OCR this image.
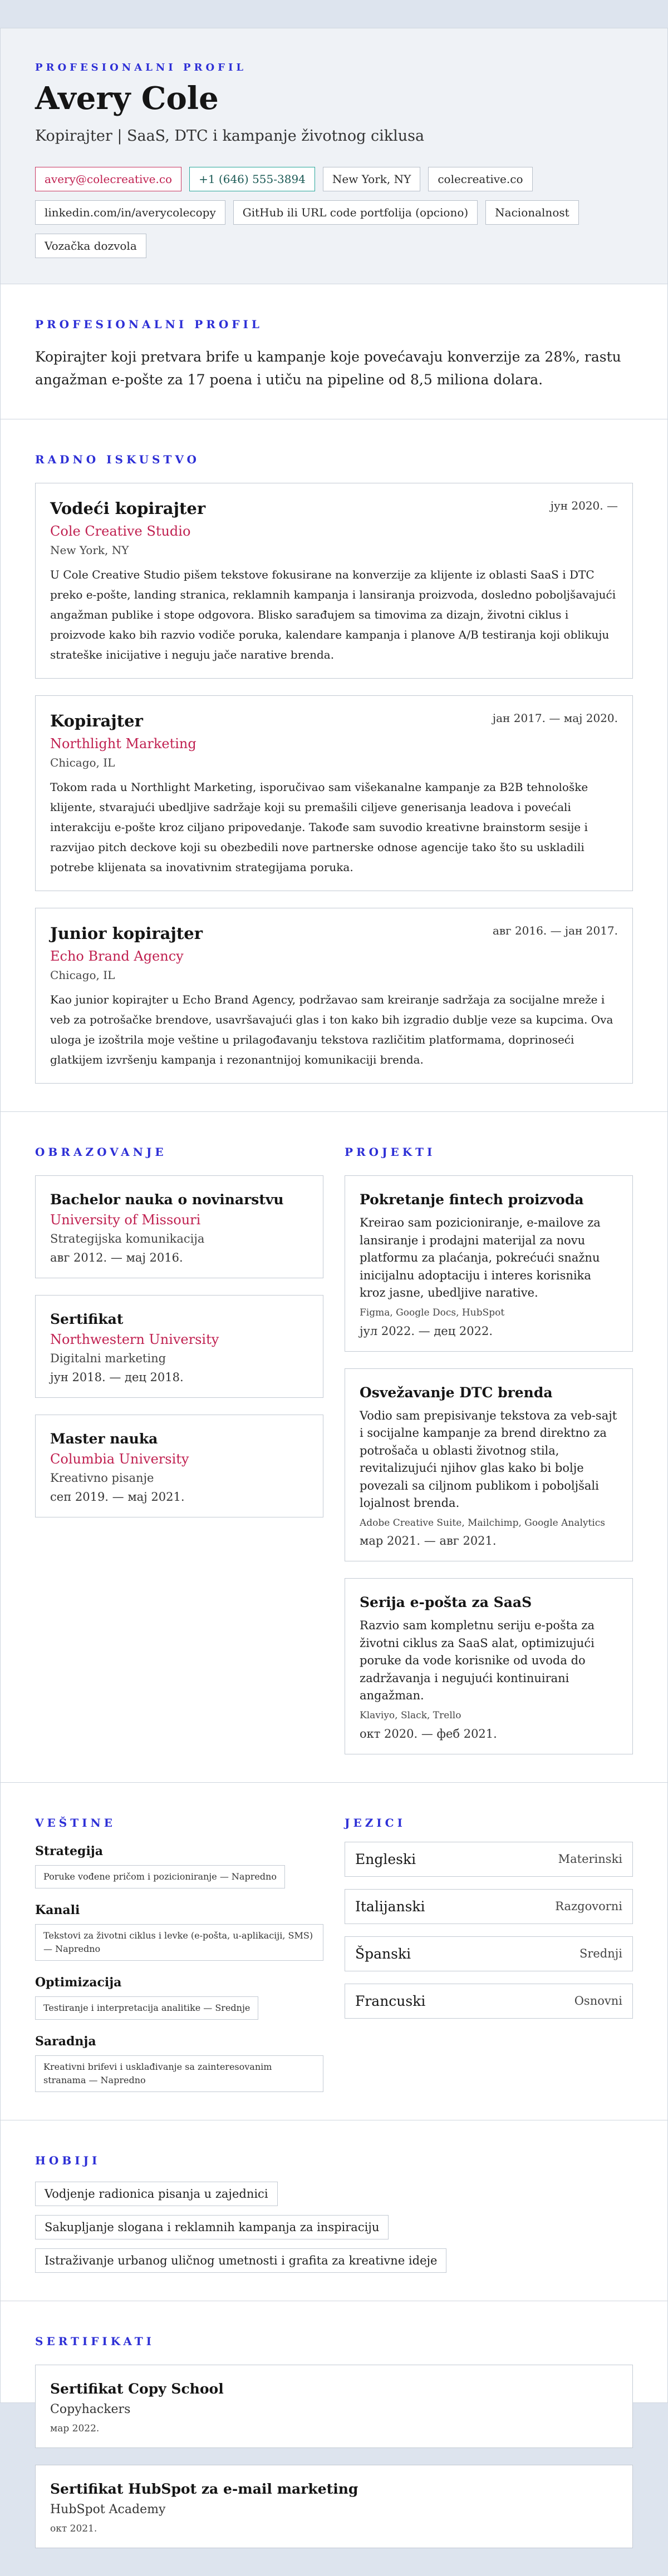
PROFESIONALNI PROFIL
Avery Cole
Kopirajter | SaaS, DTC i kampanje životnog ciklusa
avery@colecreative.co	+1 (646) 555-3894	New York, NY	colecreative.co
linkedin.com/in/averycolecopy	GitHub ili URL code portfolija (opciono)	Nacionalnost
Vozačka dozvola
PROFESIONALNI PROFIL
Kopirajter koji pretvara brife u kampanje koje povećavaju konverzije za 28%, rastu angažman e-pošte za 17 poena i utiču na pipeline od 8,5 miliona dolara.
RADNO ISKUSTVO
Vodeći kopirajter	јун 2020. —
Cole Creative Studio
New York, NY
U Cole Creative Studio pišem tekstove fokusirane na konverzije za klijente iz oblasti SaaS i DTC preko e-pošte, landing stranica, reklamnih kampanja i lansiranja proizvoda, dosledno poboljšavajući angažman publike i stope odgovora. Blisko sarađujem sa timovima za dizajn, životni ciklus i proizvode kako bih razvio vodiče poruka, kalendare kampanja i planove A/B testiranja koji oblikuju strateške inicijative i neguju jače narative brenda.
Kopirajter	јан 2017. — мај 2020.
Northlight Marketing
Chicago, IL
Tokom rada u Northlight Marketing, isporučivao sam višekanalne kampanje za B2B tehnološke klijente, stvarajući ubedljive sadržaje koji su premašili ciljeve generisanja leadova i povećali interakciju e-pošte kroz ciljano pripovedanje. Takođe sam suvodio kreativne brainstorm sesije i razvijao pitch deckove koji su obezbedili nove partnerske odnose agencije tako što su uskladili potrebe klijenata sa inovativnim strategijama poruka.
Junior kopirajter	авг 2016. — јан 2017.
Echo Brand Agency
Chicago, IL
Kao junior kopirajter u Echo Brand Agency, podržavao sam kreiranje sadržaja za socijalne mreže i veb za potrošačke brendove, usavršavajući glas i ton kako bih izgradio dublje veze sa kupcima. Ova uloga je izoštrila moje veštine u prilagođavanju tekstova različitim platformama, doprinoseći glatkijem izvršenju kampanja i rezonantnijoj komunikaciji brenda.
OBRAZOVANJE
Bachelor nauka o novinarstvu
University of Missouri
Strategijska komunikacija
авг 2012. — мај 2016.
Sertifikat
Northwestern University
Digitalni marketing
јун 2018. — дец 2018.
Master nauka
Columbia University
Kreativno pisanje
сеп 2019. — мај 2021.
PROJEKTI
Pokretanje fintech proizvoda
Kreirao sam pozicioniranje, e-mailove za lansiranje i prodajni materijal za novu platformu za plaćanja, pokrećući snažnu inicijalnu adoptaciju i interes korisnika kroz jasne, ubedljive narative.
Figma, Google Docs, HubSpot
јул 2022. — дец 2022.
Osvežavanje DTC brenda
Vodio sam prepisivanje tekstova za veb-sajt i socijalne kampanje za brend direktno za potrošača u oblasti životnog stila, revitalizujući njihov glas kako bi bolje povezali sa ciljnom publikom i poboljšali lojalnost brenda.
Adobe Creative Suite, Mailchimp, Google Analytics
мар 2021. — авг 2021.
Serija e-pošta za SaaS
Razvio sam kompletnu seriju e-pošta za životni ciklus za SaaS alat, optimizujući poruke da vode korisnike od uvoda do zadržavanja i negujući kontinuirani angažman.
Klaviyo, Slack, Trello
окт 2020. — феб 2021.
VEŠTINE
Strategija
Poruke vođene pričom i pozicioniranje — Napredno
Kanali
Tekstovi za životni ciklus i levke (e-pošta, u-aplikaciji, SMS) — Napredno
Optimizacija
Testiranje i interpretacija analitike — Srednje
Saradnja
Kreativni brifevi i usklađivanje sa zainteresovanim stranama — Napredno
JEZICI
Engleski	Materinski
Italijanski	Razgovorni
Španski	Srednji
Francuski	Osnovni
HOBIJI
Vodjenje radionica pisanja u zajednici
Sakupljanje slogana i reklamnih kampanja za inspiraciju
Istraživanje urbanog uličnog umetnosti i grafita za kreativne ideje
SERTIFIKATI
Sertifikat Copy School
Copyhackers
мар 2022.
Sertifikat HubSpot za e-mail marketing
HubSpot Academy
окт 2021.
